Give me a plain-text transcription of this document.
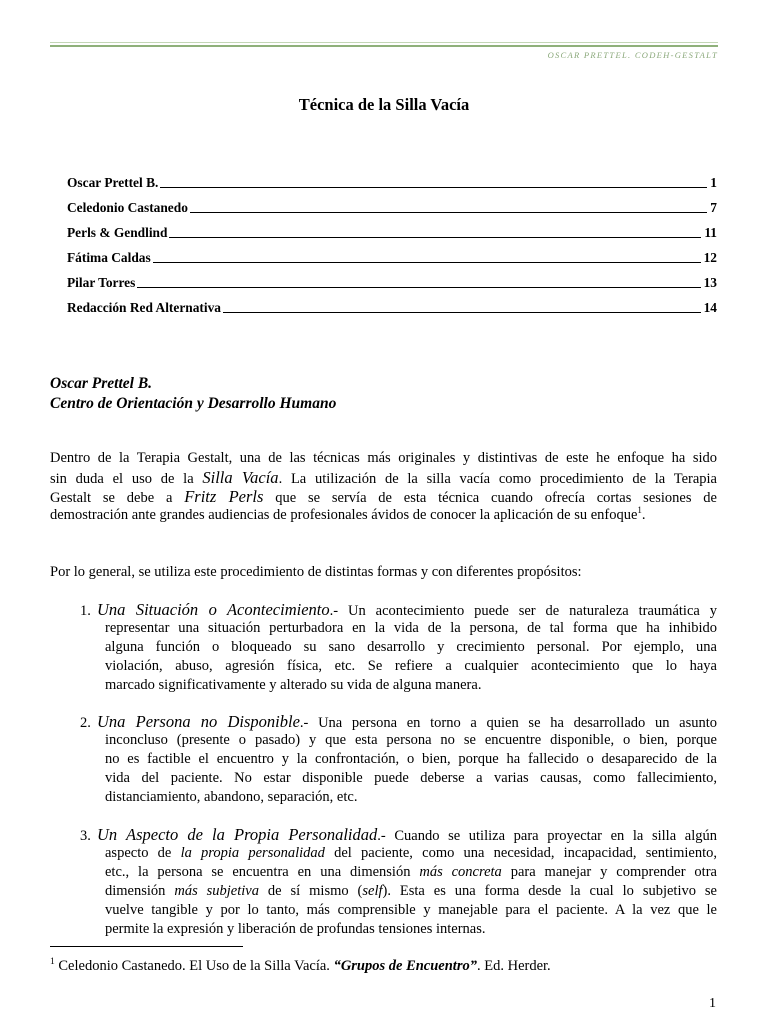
OSCAR PRETTEL. CODEH-GESTALT
Técnica de la Silla Vacía
Oscar Prettel B.	1
Celedonio Castanedo	7
Perls & Gendlind	11
Fátima Caldas	12
Pilar Torres	13
Redacción Red Alternativa	14
Oscar Prettel B.
Centro de Orientación y Desarrollo Humano
Dentro de la Terapia Gestalt, una de las técnicas más originales y distintivas de este he enfoque ha sido
sin duda el uso de la Silla Vacía. La utilización de la silla vacía como procedimiento de la Terapia
Gestalt se debe a Fritz Perls que se servía de esta técnica cuando ofrecía cortas sesiones de
demostración ante grandes audiencias de profesionales ávidos de conocer la aplicación de su enfoque$^1$.
Por lo general, se utiliza este procedimiento de distintas formas y con diferentes propósitos:
1. Una Situación o Acontecimiento.- Un acontecimiento puede ser de naturaleza traumática y
representar una situación perturbadora en la vida de la persona, de tal forma que ha inhibido
alguna función o bloqueado su sano desarrollo y crecimiento personal. Por ejemplo, una
violación, abuso, agresión física, etc. Se refiere a cualquier acontecimiento que lo haya
marcado significativamente y alterado su vida de alguna manera.
2. Una Persona no Disponible.- Una persona en torno a quien se ha desarrollado un asunto
inconcluso (presente o pasado) y que esta persona no se encuentre disponible, o bien, porque
no es factible el encuentro y la confrontación, o bien, porque ha fallecido o desaparecido de la
vida del paciente. No estar disponible puede deberse a varias causas, como fallecimiento,
distanciamiento, abandono, separación, etc.
3. Un Aspecto de la Propia Personalidad.- Cuando se utiliza para proyectar en la silla algún
aspecto de la propia personalidad del paciente, como una necesidad, incapacidad, sentimiento,
etc., la persona se encuentra en una dimensión más concreta para manejar y comprender otra
dimensión más subjetiva de sí mismo (self). Esta es una forma desde la cual lo subjetivo se
vuelve tangible y por lo tanto, más comprensible y manejable para el paciente. A la vez que le
permite la expresión y liberación de profundas tensiones internas.
$^1$ Celedonio Castanedo. El Uso de la Silla Vacía. “Grupos de Encuentro”. Ed. Herder.
1
